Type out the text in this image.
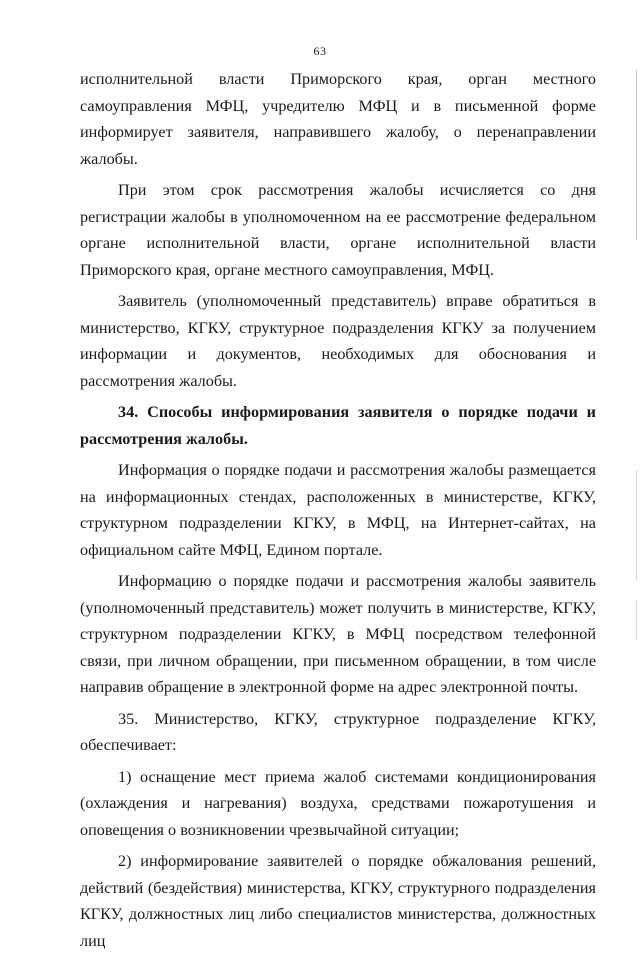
63

исполнительной власти Приморского края, орган местного самоуправления МФЦ, учредителю МФЦ и в письменной форме информирует заявителя, направившего жалобу, о перенаправлении жалобы.

При этом срок рассмотрения жалобы исчисляется со дня регистрации жалобы в уполномоченном на ее рассмотрение федеральном органе исполнительной власти, органе исполнительной власти Приморского края, органе местного самоуправления, МФЦ.

Заявитель (уполномоченный представитель) вправе обратиться в министерство, КГКУ, структурное подразделения КГКУ за получением информации и документов, необходимых для обоснования и рассмотрения жалобы.

34. Способы информирования заявителя о порядке подачи и рассмотрения жалобы.

Информация о порядке подачи и рассмотрения жалобы размещается на информационных стендах, расположенных в министерстве, КГКУ, структурном подразделении КГКУ, в МФЦ, на Интернет-сайтах, на официальном сайте МФЦ, Едином портале.

Информацию о порядке подачи и рассмотрения жалобы заявитель (уполномоченный представитель) может получить в министерстве, КГКУ, структурном подразделении КГКУ, в МФЦ посредством телефонной связи, при личном обращении, при письменном обращении, в том числе направив обращение в электронной форме на адрес электронной почты.

35. Министерство, КГКУ, структурное подразделение КГКУ, обеспечивает:

1) оснащение мест приема жалоб системами кондиционирования (охлаждения и нагревания) воздуха, средствами пожаротушения и оповещения о возникновении чрезвычайной ситуации;

2) информирование заявителей о порядке обжалования решений, действий (бездействия) министерства, КГКУ, структурного подразделения КГКУ, должностных лиц либо специалистов министерства, должностных лиц
